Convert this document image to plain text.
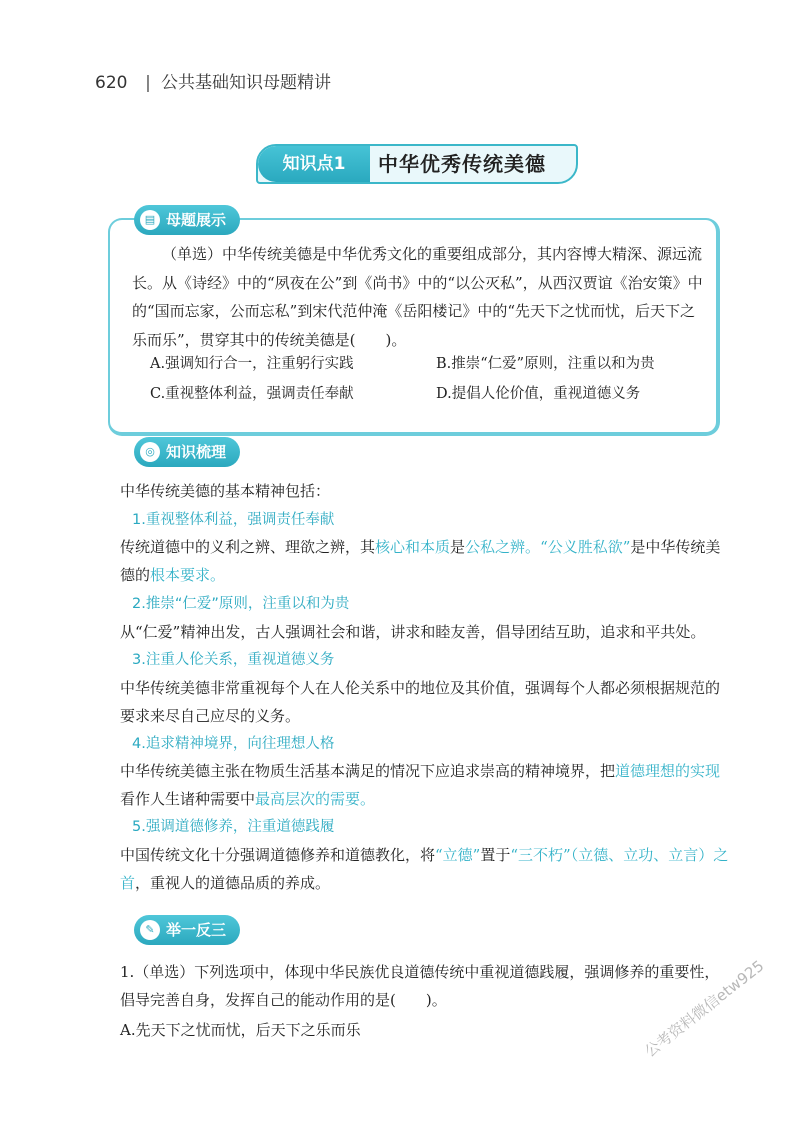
620 | 公共基础知识母题精讲
知识点1	中华优秀传统美德
（单选）中华传统美德是中华优秀文化的重要组成部分，其内容博大精深、源远流长。从《诗经》中的“夙夜在公”到《尚书》中的“以公灭私”，从西汉贾谊《治安策》中的“国而忘家，公而忘私”到宋代范仲淹《岳阳楼记》中的“先天下之忧而忧，后天下之乐而乐”，贯穿其中的传统美德是(　　)。
A.强调知行合一，注重躬行实践	B.推崇“仁爱”原则，注重以和为贵
C.重视整体利益，强调责任奉献	D.提倡人伦价值，重视道德义务
▤ 母题展示
◎ 知识梳理
中华传统美德的基本精神包括：
1.重视整体利益，强调责任奉献
传统道德中的义利之辨、理欲之辨，其核心和本质是公私之辨。“公义胜私欲”是中华传统美德的根本要求。
2.推崇“仁爱”原则，注重以和为贵
从“仁爱”精神出发，古人强调社会和谐，讲求和睦友善，倡导团结互助，追求和平共处。
3.注重人伦关系，重视道德义务
中华传统美德非常重视每个人在人伦关系中的地位及其价值，强调每个人都必须根据规范的要求来尽自己应尽的义务。
4.追求精神境界，向往理想人格
中华传统美德主张在物质生活基本满足的情况下应追求崇高的精神境界，把道德理想的实现看作人生诸种需要中最高层次的需要。
5.强调道德修养，注重道德践履
中国传统文化十分强调道德修养和道德教化，将“立德”置于“三不朽”（立德、立功、立言）之首，重视人的道德品质的养成。
✎ 举一反三
1.（单选）下列选项中，体现中华民族优良道德传统中重视道德践履，强调修养的重要性，倡导完善自身，发挥自己的能动作用的是(　　)。
A.先天下之忧而忧，后天下之乐而乐	公考资料微信etw925
